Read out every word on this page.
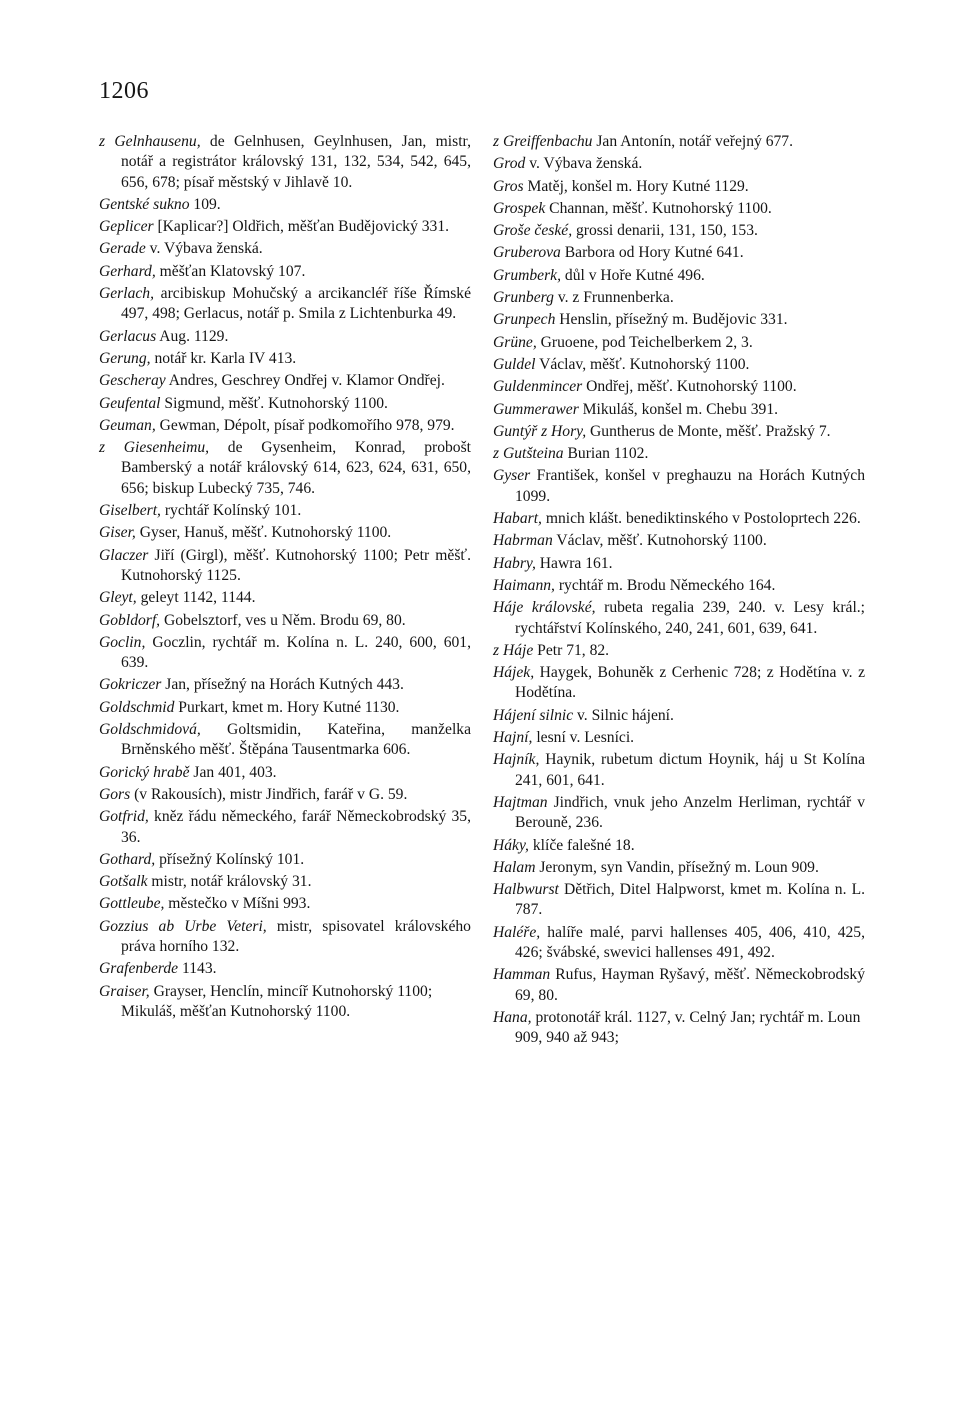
1206

z Gelnhausenu, de Gelnhusen, Geylnhusen, Jan, mistr, notář a registrátor královský 131, 132, 534, 542, 645, 656, 678; písař městský v Jihlavě 10.

Gentské sukno 109.

Geplicer [Kaplicar?] Oldřich, měšťan Budějovický 331.

Gerade v. Výbava ženská.

Gerhard, měšťan Klatovský 107.

Gerlach, arcibiskup Mohučský a arcikancléř říše Římské 497, 498; Gerlacus, notář p. Smila z Lichtenburka 49.

Gerlacus Aug. 1129.

Gerung, notář kr. Karla IV 413.

Gescheray Andres, Geschrey Ondřej v. Klamor Ondřej.

Geufental Sigmund, měšť. Kutnohorský 1100.

Geuman, Gewman, Dépolt, písař podkomořího 978, 979.

z Giesenheimu, de Gysenheim, Konrad, probošt Bamberský a notář královský 614, 623, 624, 631, 650, 656; biskup Lubecký 735, 746.

Giselbert, rychtář Kolínský 101.

Giser, Gyser, Hanuš, měšť. Kutnohorský 1100.

Glaczer Jiří (Girgl), měšť. Kutnohorský 1100; Petr měšť. Kutnohorský 1125.

Gleyt, geleyt 1142, 1144.

Gobldorf, Gobelsztorf, ves u Něm. Brodu 69, 80.

Goclin, Goczlin, rychtář m. Kolína n. L. 240, 600, 601, 639.

Gokriczer Jan, přísežný na Horách Kutných 443.

Goldschmid Purkart, kmet m. Hory Kutné 1130.

Goldschmidová, Goltsmidin, Kateřina, manželka Brněnského měšť. Štěpána Tausentmarka 606.

Gorický hrabě Jan 401, 403.

Gors (v Rakousích), mistr Jindřich, farář v G. 59.

Gotfrid, kněz řádu německého, farář Německobrodský 35, 36.

Gothard, přísežný Kolínský 101.

Gotšalk mistr, notář královský 31.

Gottleube, městečko v Míšni 993.

Gozzius ab Urbe Veteri, mistr, spisovatel královského práva horního 132.

Grafenberde 1143.

Graiser, Grayser, Henclín, mincíř Kutnohorský 1100; Mikuláš, měšťan Kutnohorský 1100.

z Greiffenbachu Jan Antonín, notář veřejný 677.

Grod v. Výbava ženská.

Gros Matěj, konšel m. Hory Kutné 1129.

Grospek Channan, měšť. Kutnohorský 1100.

Groše české, grossi denarii, 131, 150, 153.

Gruberova Barbora od Hory Kutné 641.

Grumberk, důl v Hoře Kutné 496.

Grunberg v. z Frunnenberka.

Grunpech Henslin, přísežný m. Budějovic 331.

Grüne, Gruoene, pod Teichelberkem 2, 3.

Guldel Václav, měšť. Kutnohorský 1100.

Guldenmincer Ondřej, měšť. Kutnohorský 1100.

Gummerawer Mikuláš, konšel m. Chebu 391.

Guntýř z Hory, Guntherus de Monte, měšť. Pražský 7.

z Gutšteina Burian 1102.

Gyser František, konšel v preghauzu na Horách Kutných 1099.

Habart, mnich klášt. benediktinského v Postoloprtech 226.

Habrman Václav, měšť. Kutnohorský 1100.

Habry, Hawra 161.

Haimann, rychtář m. Brodu Německého 164.

Háje královské, rubeta regalia 239, 240. v. Lesy král.; rychtářství Kolínského, 240, 241, 601, 639, 641.

z Háje Petr 71, 82.

Hájek, Haygek, Bohuněk z Cerhenic 728; z Hodětína v. z Hodětína.

Hájení silnic v. Silnic hájení.

Hajní, lesní v. Lesníci.

Hajník, Haynik, rubetum dictum Hoynik, háj u St Kolína 241, 601, 641.

Hajtman Jindřich, vnuk jeho Anzelm Herliman, rychtář v Berouně, 236.

Háky, klíče falešné 18.

Halam Jeronym, syn Vandin, přísežný m. Loun 909.

Halbwurst Dětřich, Ditel Halpworst, kmet m. Kolína n. L. 787.

Haléře, halíře malé, parvi hallenses 405, 406, 410, 425, 426; švábské, swevici hallenses 491, 492.

Hamman Rufus, Hayman Ryšavý, měšť. Německobrodský 69, 80.

Hana, protonotář král. 1127, v. Celný Jan; rychtář m. Loun 909, 940 až 943;
